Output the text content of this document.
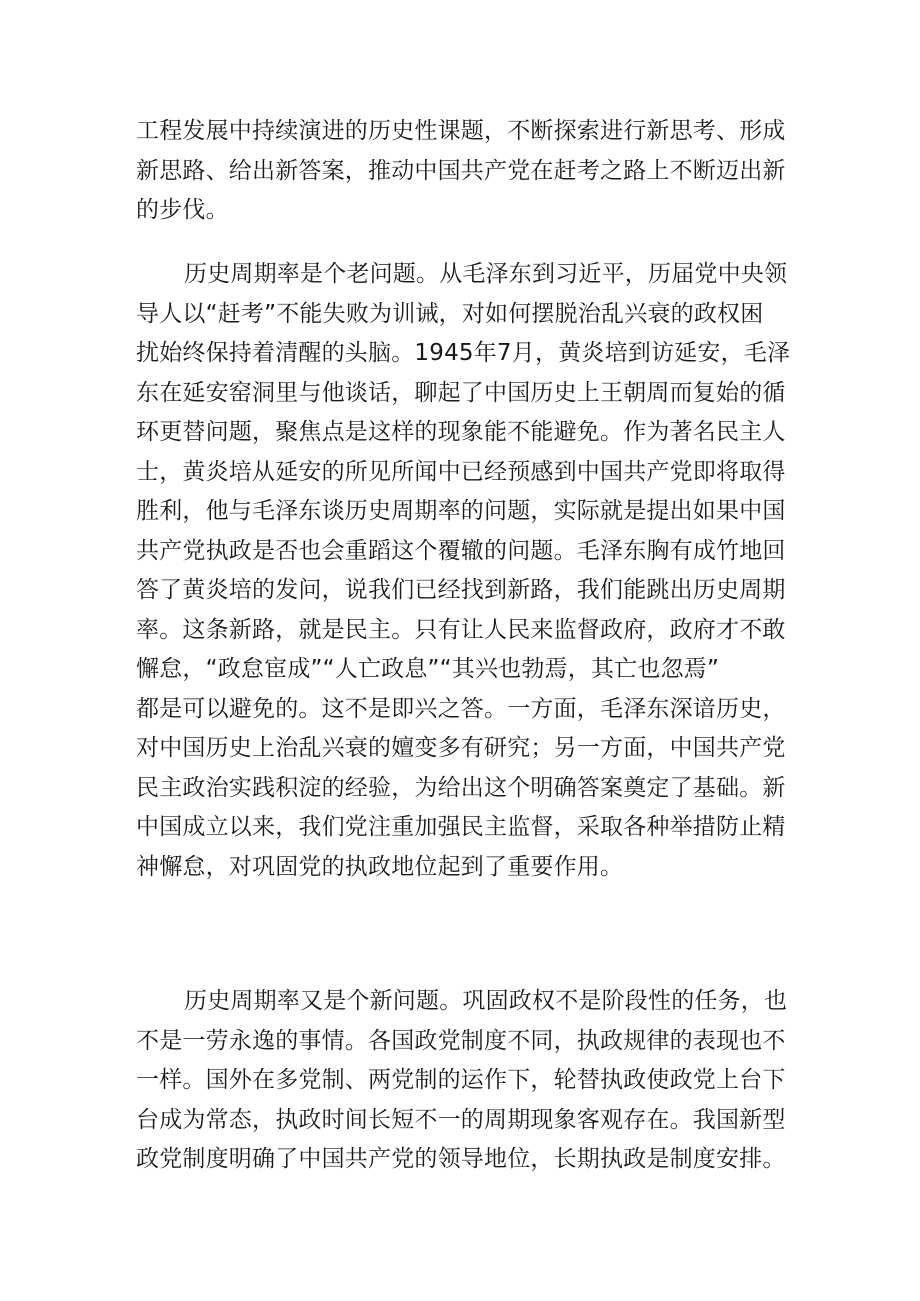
工程发展中持续演进的历史性课题，不断探索进行新思考、形成
新思路、给出新答案，推动中国共产党在赶考之路上不断迈出新
的步伐。

历史周期率是个老问题。从毛泽东到习近平，历届党中央领
导人以“赶考”不能失败为训诫，对如何摆脱治乱兴衰的政权困
扰始终保持着清醒的头脑。1945年7月，黄炎培到访延安，毛泽
东在延安窑洞里与他谈话，聊起了中国历史上王朝周而复始的循
环更替问题，聚焦点是这样的现象能不能避免。作为著名民主人
士，黄炎培从延安的所见所闻中已经预感到中国共产党即将取得
胜利，他与毛泽东谈历史周期率的问题，实际就是提出如果中国
共产党执政是否也会重蹈这个覆辙的问题。毛泽东胸有成竹地回
答了黄炎培的发问，说我们已经找到新路，我们能跳出历史周期
率。这条新路，就是民主。只有让人民来监督政府，政府才不敢
懈怠，“政怠宦成”“人亡政息”“其兴也勃焉，其亡也忽焉”
都是可以避免的。这不是即兴之答。一方面，毛泽东深谙历史，
对中国历史上治乱兴衰的嬗变多有研究；另一方面，中国共产党
民主政治实践积淀的经验，为给出这个明确答案奠定了基础。新
中国成立以来，我们党注重加强民主监督，采取各种举措防止精
神懈怠，对巩固党的执政地位起到了重要作用。

历史周期率又是个新问题。巩固政权不是阶段性的任务，也
不是一劳永逸的事情。各国政党制度不同，执政规律的表现也不
一样。国外在多党制、两党制的运作下，轮替执政使政党上台下
台成为常态，执政时间长短不一的周期现象客观存在。我国新型
政党制度明确了中国共产党的领导地位，长期执政是制度安排。
